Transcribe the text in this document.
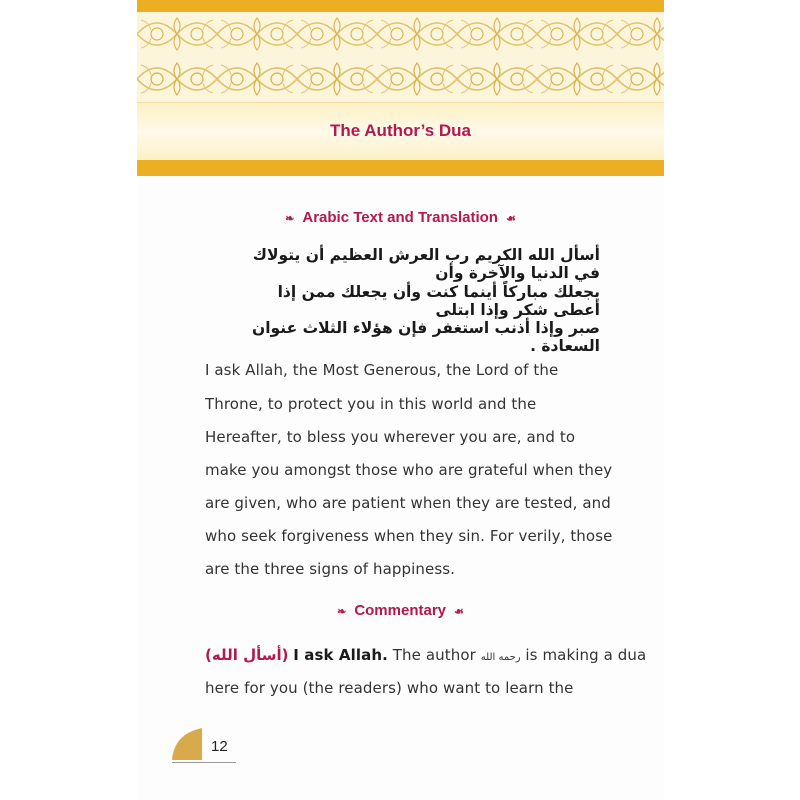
The Author’s Dua
❧ Arabic Text and Translation ☙
أسأل الله الكريم رب العرش العظيم أن يتولاك في الدنيا والآخرة وأن
يجعلك مباركاً أينما كنت وأن يجعلك ممن إذا أعطى شكر وإذا ابتلى
صبر وإذا أذنب استغفر فإن هؤلاء الثلاث عنوان السعادة .
I ask Allah, the Most Generous, the Lord of the
Throne, to protect you in this world and the
Hereafter, to bless you wherever you are, and to
make you amongst those who are grateful when they
are given, who are patient when they are tested, and
who seek forgiveness when they sin. For verily, those
are the three signs of happiness.
❧ Commentary ☙
(أسأل الله) I ask Allah. The author رحمه الله is making a dua
here for you (the readers) who want to learn the
12
